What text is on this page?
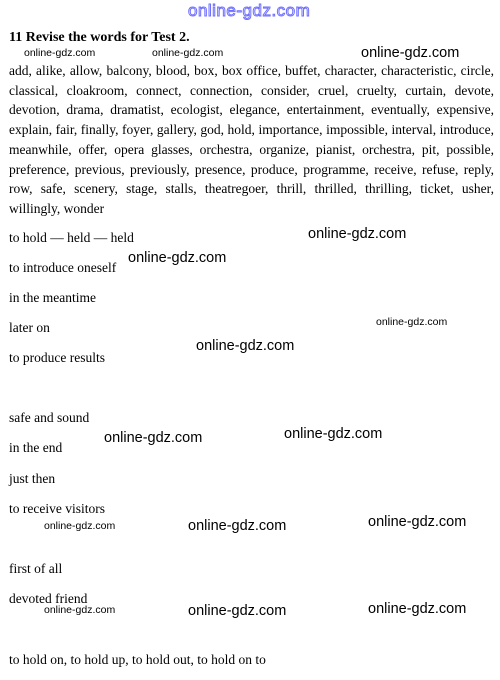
online-gdz.com
11 Revise the words for Test 2.

add, alike, allow, balcony, blood, box, box office, buffet, character, characteristic, circle, classical, cloakroom, connect, connection, consider, cruel, cruelty, curtain, devote, devotion, drama, dramatist, ecologist, elegance, entertainment, eventually, expensive, explain, fair, finally, foyer, gallery, god, hold, importance, impossible, interval, introduce, meanwhile, offer, opera glasses, orchestra, organize, pianist, orchestra, pit, possible, preference, previous, previously, presence, produce, programme, receive, refuse, reply, row, safe, scenery, stage, stalls, theatregoer, thrill, thrilled, thrilling, ticket, usher, willingly, wonder

to hold — held — held

to introduce oneself

in the meantime

later on

to produce results

safe and sound

in the end

just then

to receive visitors

first of all

devoted friend

to hold on, to hold up, to hold out, to hold on to

online-gdz.com	online-gdz.com	online-gdz.com
online-gdz.com
online-gdz.com
online-gdz.com
online-gdz.com
online-gdz.com	online-gdz.com
online-gdz.com	online-gdz.com	online-gdz.com
online-gdz.com	online-gdz.com	online-gdz.com
